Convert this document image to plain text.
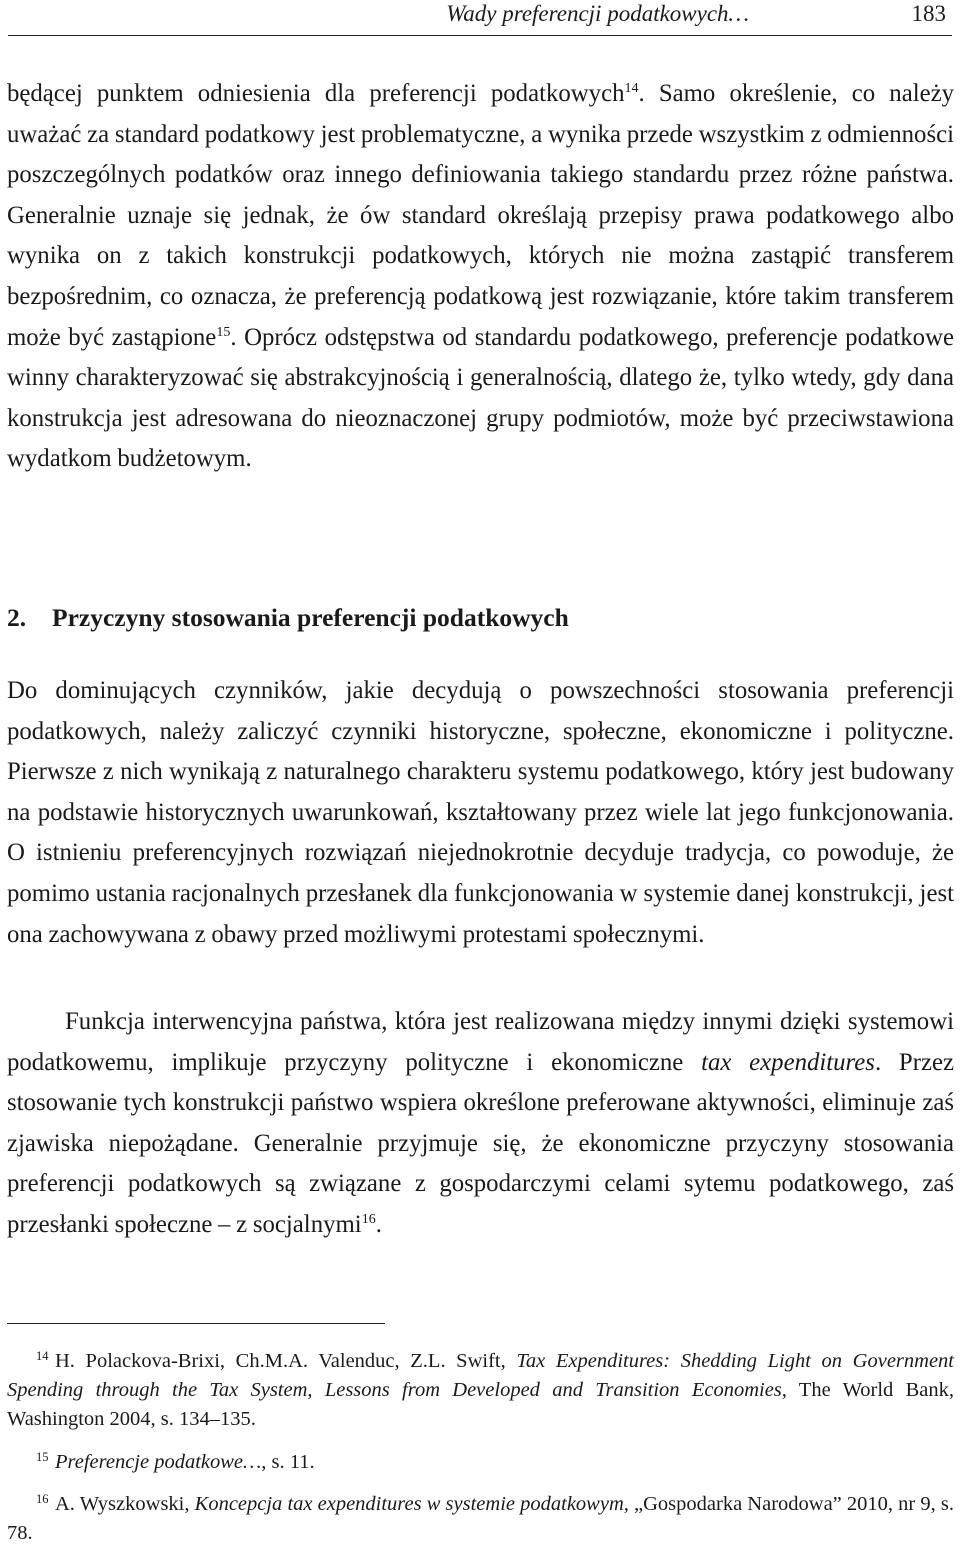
Wady preferencji podatkowych…	183

będącej punktem odniesienia dla preferencji podatkowych$^{14}$. Samo określenie, co należy uważać za standard podatkowy jest problematyczne, a wynika przede wszystkim z odmienności poszczególnych podatków oraz innego definiowania takiego standardu przez różne państwa. Generalnie uznaje się jednak, że ów standard określają przepisy prawa podatkowego albo wynika on z takich konstrukcji podatkowych, których nie można zastąpić transferem bezpośrednim, co oznacza, że preferencją podatkową jest rozwiązanie, które takim transferem może być zastąpione$^{15}$. Oprócz odstępstwa od standardu podatkowego, preferencje podatkowe winny charakteryzować się abstrakcyjnością i generalnością, dlatego że, tylko wtedy, gdy dana konstrukcja jest adresowana do nieoznaczonej grupy podmiotów, może być przeciwstawiona wydatkom budżetowym.

2. Przyczyny stosowania preferencji podatkowych

Do dominujących czynników, jakie decydują o powszechności stosowania preferencji podatkowych, należy zaliczyć czynniki historyczne, społeczne, ekonomiczne i polityczne. Pierwsze z nich wynikają z naturalnego charakteru systemu podatkowego, który jest budowany na podstawie historycznych uwarunkowań, kształtowany przez wiele lat jego funkcjonowania. O istnieniu preferencyjnych rozwiązań niejednokrotnie decyduje tradycja, co powoduje, że pomimo ustania racjonalnych przesłanek dla funkcjonowania w systemie danej konstrukcji, jest ona zachowywana z obawy przed możliwymi protestami społecznymi.

Funkcja interwencyjna państwa, która jest realizowana między innymi dzięki systemowi podatkowemu, implikuje przyczyny polityczne i ekonomiczne tax expenditures. Przez stosowanie tych konstrukcji państwo wspiera określone preferowane aktywności, eliminuje zaś zjawiska niepożądane. Generalnie przyjmuje się, że ekonomiczne przyczyny stosowania preferencji podatkowych są związane z gospodarczymi celami sytemu podatkowego, zaś przesłanki społeczne – z socjalnymi$^{16}$.

14 H. Polackova-Brixi, Ch.M.A. Valenduc, Z.L. Swift, Tax Expenditures: Shedding Light on Government Spending through the Tax System, Lessons from Developed and Transition Economies, The World Bank, Washington 2004, s. 134–135.
15 Preferencje podatkowe…, s. 11.
16 A. Wyszkowski, Koncepcja tax expenditures w systemie podatkowym, „Gospodarka Narodowa” 2010, nr 9, s. 78.
